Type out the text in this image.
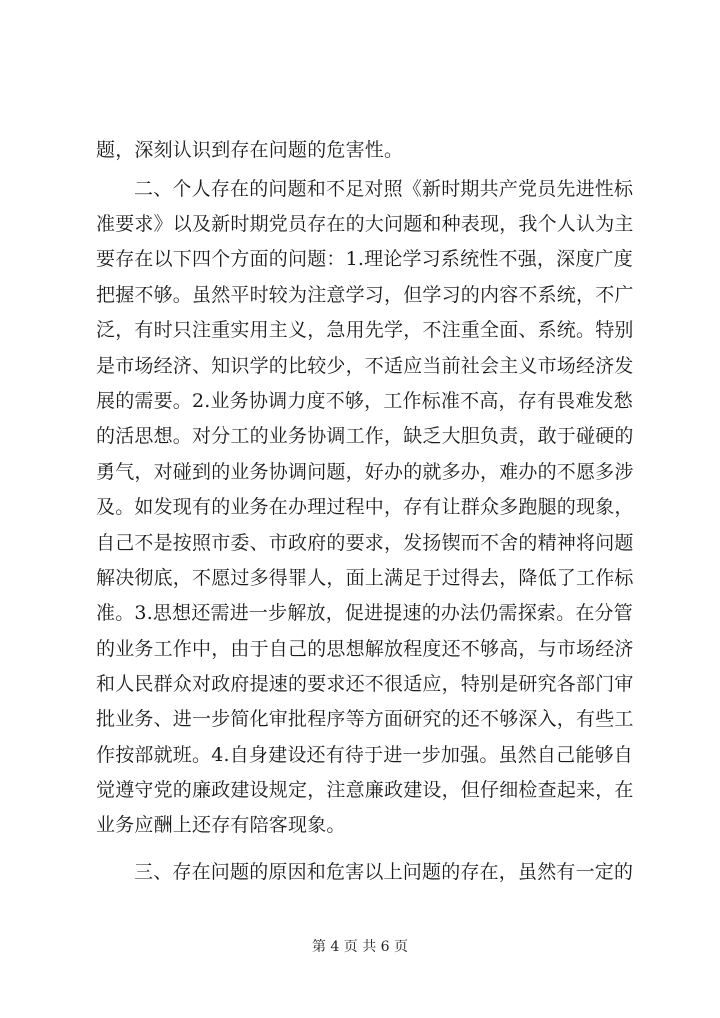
题，深刻认识到存在问题的危害性。
二、个人存在的问题和不足对照《新时期共产党员先进性标
准要求》以及新时期党员存在的大问题和种表现，我个人认为主
要存在以下四个方面的问题：1.理论学习系统性不强，深度广度
把握不够。虽然平时较为注意学习，但学习的内容不系统，不广
泛，有时只注重实用主义，急用先学，不注重全面、系统。特别
是市场经济、知识学的比较少，不适应当前社会主义市场经济发
展的需要。2.业务协调力度不够，工作标准不高，存有畏难发愁
的活思想。对分工的业务协调工作，缺乏大胆负责，敢于碰硬的
勇气，对碰到的业务协调问题，好办的就多办，难办的不愿多涉
及。如发现有的业务在办理过程中，存有让群众多跑腿的现象，
自己不是按照市委、市政府的要求，发扬锲而不舍的精神将问题
解决彻底，不愿过多得罪人，面上满足于过得去，降低了工作标
准。3.思想还需进一步解放，促进提速的办法仍需探索。在分管
的业务工作中，由于自己的思想解放程度还不够高，与市场经济
和人民群众对政府提速的要求还不很适应，特别是研究各部门审
批业务、进一步简化审批程序等方面研究的还不够深入，有些工
作按部就班。4.自身建设还有待于进一步加强。虽然自己能够自
觉遵守党的廉政建设规定，注意廉政建设，但仔细检查起来，在
业务应酬上还存有陪客现象。
三、存在问题的原因和危害以上问题的存在，虽然有一定的
第 4 页 共 6 页
